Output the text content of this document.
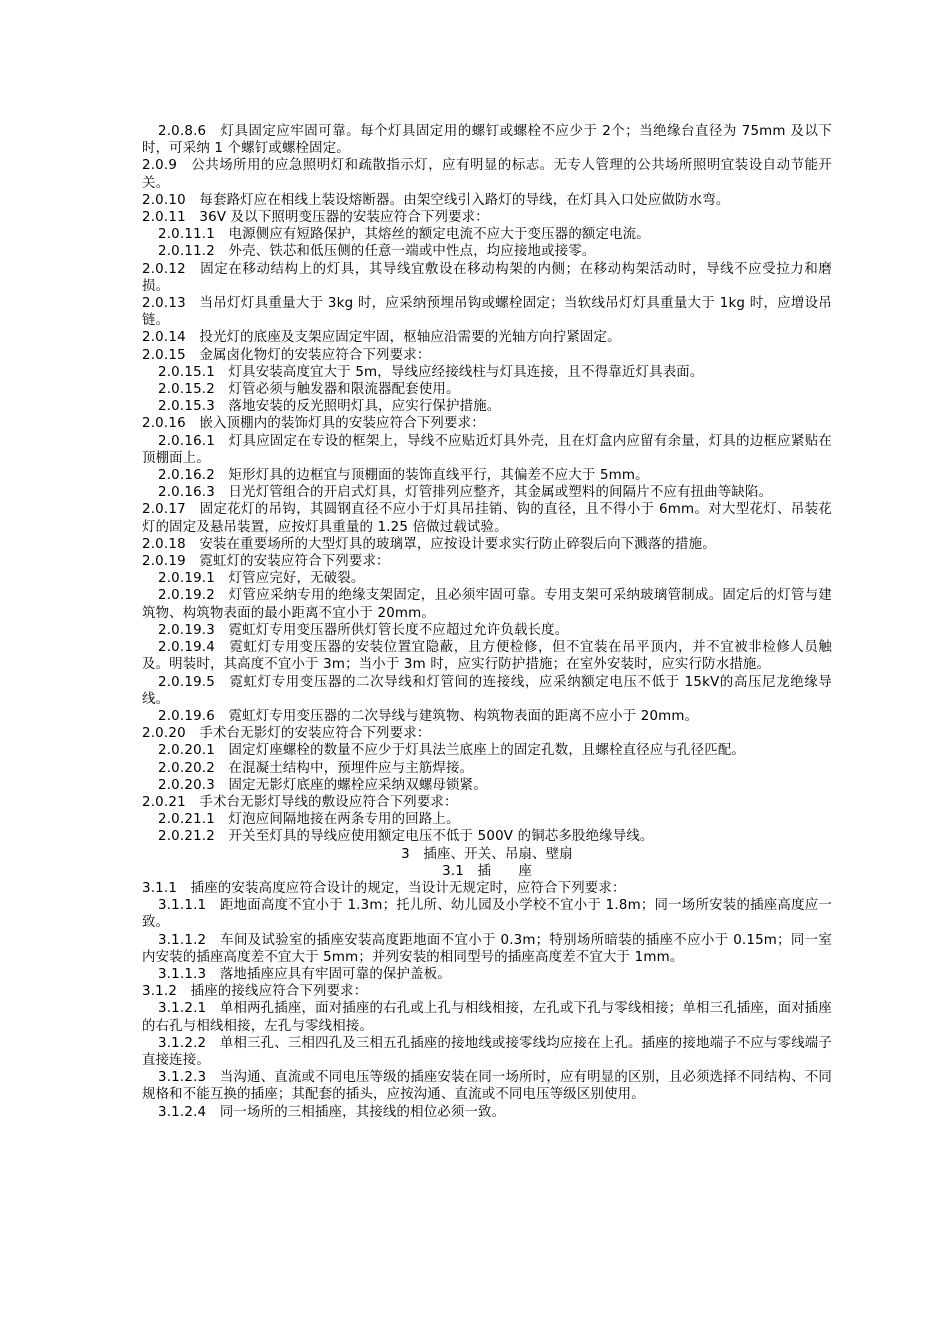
2.0.8.6　灯具固定应牢固可靠。每个灯具固定用的螺钉或螺栓不应少于 2个；当绝缘台直径为 75mm 及以下时，可采纳 1 个螺钉或螺栓固定。

2.0.9　公共场所用的应急照明灯和疏散指示灯，应有明显的标志。无专人管理的公共场所照明宜装设自动节能开关。

2.0.10　每套路灯应在相线上装设熔断器。由架空线引入路灯的导线，在灯具入口处应做防水弯。

2.0.11　36V 及以下照明变压器的安装应符合下列要求：

2.0.11.1　电源侧应有短路保护，其熔丝的额定电流不应大于变压器的额定电流。

2.0.11.2　外壳、铁芯和低压侧的任意一端或中性点，均应接地或接零。

2.0.12　固定在移动结构上的灯具，其导线宜敷设在移动构架的内侧；在移动构架活动时，导线不应受拉力和磨损。

2.0.13　当吊灯灯具重量大于 3kg 时，应采纳预埋吊钩或螺栓固定；当软线吊灯灯具重量大于 1kg 时，应增设吊链。

2.0.14　投光灯的底座及支架应固定牢固，枢轴应沿需要的光轴方向拧紧固定。

2.0.15　金属卤化物灯的安装应符合下列要求：

2.0.15.1　灯具安装高度宜大于 5m，导线应经接线柱与灯具连接，且不得靠近灯具表面。

2.0.15.2　灯管必须与触发器和限流器配套使用。

2.0.15.3　落地安装的反光照明灯具，应实行保护措施。

2.0.16　嵌入顶棚内的装饰灯具的安装应符合下列要求：

2.0.16.1　灯具应固定在专设的框架上，导线不应贴近灯具外壳，且在灯盒内应留有余量，灯具的边框应紧贴在顶棚面上。

2.0.16.2　矩形灯具的边框宜与顶棚面的装饰直线平行，其偏差不应大于 5mm。

2.0.16.3　日光灯管组合的开启式灯具，灯管排列应整齐，其金属或塑料的间隔片不应有扭曲等缺陷。

2.0.17　固定花灯的吊钩，其圆钢直径不应小于灯具吊挂销、钩的直径，且不得小于 6mm。对大型花灯、吊装花灯的固定及悬吊装置，应按灯具重量的 1.25 倍做过载试验。

2.0.18　安装在重要场所的大型灯具的玻璃罩，应按设计要求实行防止碎裂后向下溅落的措施。

2.0.19　霓虹灯的安装应符合下列要求：

2.0.19.1　灯管应完好，无破裂。

2.0.19.2　灯管应采纳专用的绝缘支架固定，且必须牢固可靠。专用支架可采纳玻璃管制成。固定后的灯管与建筑物、构筑物表面的最小距离不宜小于 20mm。

2.0.19.3　霓虹灯专用变压器所供灯管长度不应超过允许负载长度。

2.0.19.4　霓虹灯专用变压器的安装位置宜隐蔽，且方便检修，但不宜装在吊平顶内，并不宜被非检修人员触及。明装时，其高度不宜小于 3m；当小于 3m 时，应实行防护措施；在室外安装时，应实行防水措施。

2.0.19.5　霓虹灯专用变压器的二次导线和灯管间的连接线，应采纳额定电压不低于 15kV的高压尼龙绝缘导线。

2.0.19.6　霓虹灯专用变压器的二次导线与建筑物、构筑物表面的距离不应小于 20mm。

2.0.20　手术台无影灯的安装应符合下列要求：

2.0.20.1　固定灯座螺栓的数量不应少于灯具法兰底座上的固定孔数，且螺栓直径应与孔径匹配。

2.0.20.2　在混凝土结构中，预埋件应与主筋焊接。

2.0.20.3　固定无影灯底座的螺栓应采纳双螺母锁紧。

2.0.21　手术台无影灯导线的敷设应符合下列要求：

2.0.21.1　灯泡应间隔地接在两条专用的回路上。

2.0.21.2　开关至灯具的导线应使用额定电压不低于 500V 的铜芯多股绝缘导线。

3　插座、开关、吊扇、壁扇

3.1　插　　座

3.1.1　插座的安装高度应符合设计的规定，当设计无规定时，应符合下列要求：

3.1.1.1　距地面高度不宜小于 1.3m；托儿所、幼儿园及小学校不宜小于 1.8m；同一场所安装的插座高度应一致。

3.1.1.2　车间及试验室的插座安装高度距地面不宜小于 0.3m；特别场所暗装的插座不应小于 0.15m；同一室内安装的插座高度差不宜大于 5mm；并列安装的相同型号的插座高度差不宜大于 1mm。

3.1.1.3　落地插座应具有牢固可靠的保护盖板。

3.1.2　插座的接线应符合下列要求：

3.1.2.1　单相两孔插座，面对插座的右孔或上孔与相线相接，左孔或下孔与零线相接；单相三孔插座，面对插座的右孔与相线相接，左孔与零线相接。

3.1.2.2　单相三孔、三相四孔及三相五孔插座的接地线或接零线均应接在上孔。插座的接地端子不应与零线端子直接连接。

3.1.2.3　当沟通、直流或不同电压等级的插座安装在同一场所时，应有明显的区别，且必须选择不同结构、不同规格和不能互换的插座；其配套的插头，应按沟通、直流或不同电压等级区别使用。

3.1.2.4　同一场所的三相插座，其接线的相位必须一致。
